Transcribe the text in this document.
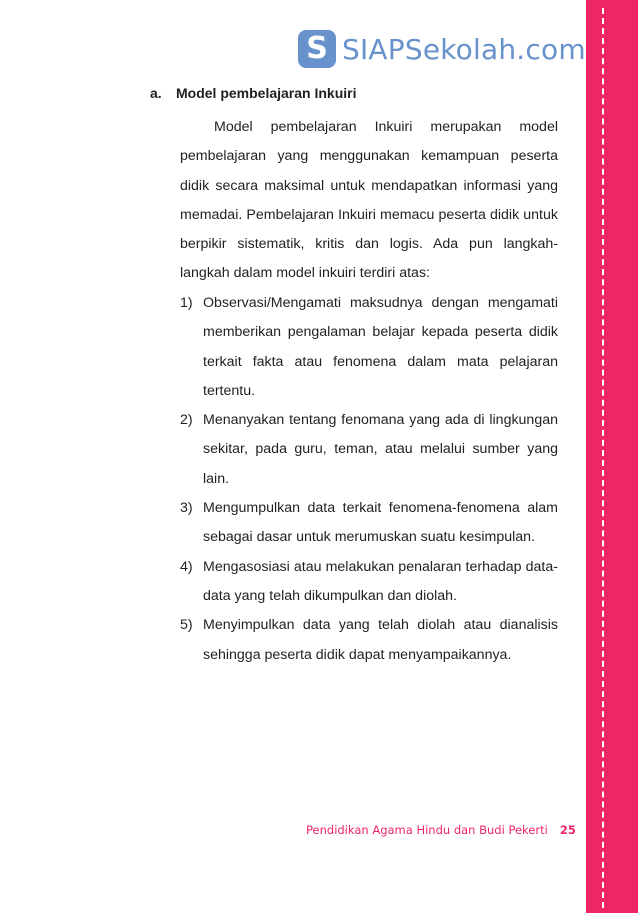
S SIAPSekolah.com
a. Model pembelajaran Inkuiri

Model pembelajaran Inkuiri merupakan model pembelajaran yang menggunakan kemampuan peserta didik secara maksimal untuk mendapatkan informasi yang memadai. Pembelajaran Inkuiri memacu peserta didik untuk berpikir sistematik, kritis dan logis. Ada pun langkah-langkah dalam model inkuiri terdiri atas:

1) Observasi/Mengamati maksudnya dengan mengamati memberikan pengalaman belajar kepada peserta didik terkait fakta atau fenomena dalam mata pelajaran tertentu.
2) Menanyakan tentang fenomana yang ada di lingkungan sekitar, pada guru, teman, atau melalui sumber yang lain.
3) Mengumpulkan data terkait fenomena-fenomena alam sebagai dasar untuk merumuskan suatu kesimpulan.
4) Mengasosiasi atau melakukan penalaran terhadap data-data yang telah dikumpulkan dan diolah.
5) Menyimpulkan data yang telah diolah atau dianalisis sehingga peserta didik dapat menyampaikannya.
Pendidikan Agama Hindu dan Budi Pekerti 25
